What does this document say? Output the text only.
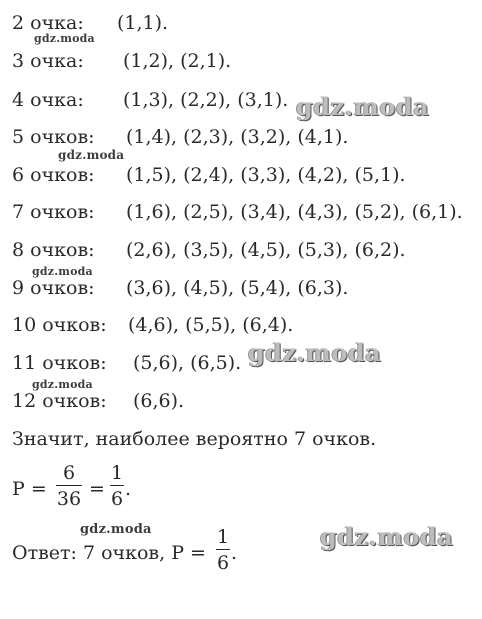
2 очка: (1,1).
3 очка: (1,2), (2,1).
4 очка: (1,3), (2,2), (3,1).
5 очков: (1,4), (2,3), (3,2), (4,1).
6 очков: (1,5), (2,4), (3,3), (4,2), (5,1).
7 очков: (1,6), (2,5), (3,4), (4,3), (5,2), (6,1).
8 очков: (2,6), (3,5), (4,5), (5,3), (6,2).
9 очков: (3,6), (4,5), (5,4), (6,3).
10 очков: (4,6), (5,5), (6,4).
11 очков: (5,6), (6,5).
12 очков: (6,6).
Значит, наиболее вероятно 7 очков.
P =
6
36 =
1
6 .
Ответ: 7 очков, P =
1
6 .
gdz.moda
gdz.moda
gdz.moda
gdz.moda
gdz.moda
gdz.moda
gdz.moda
gdz.moda
